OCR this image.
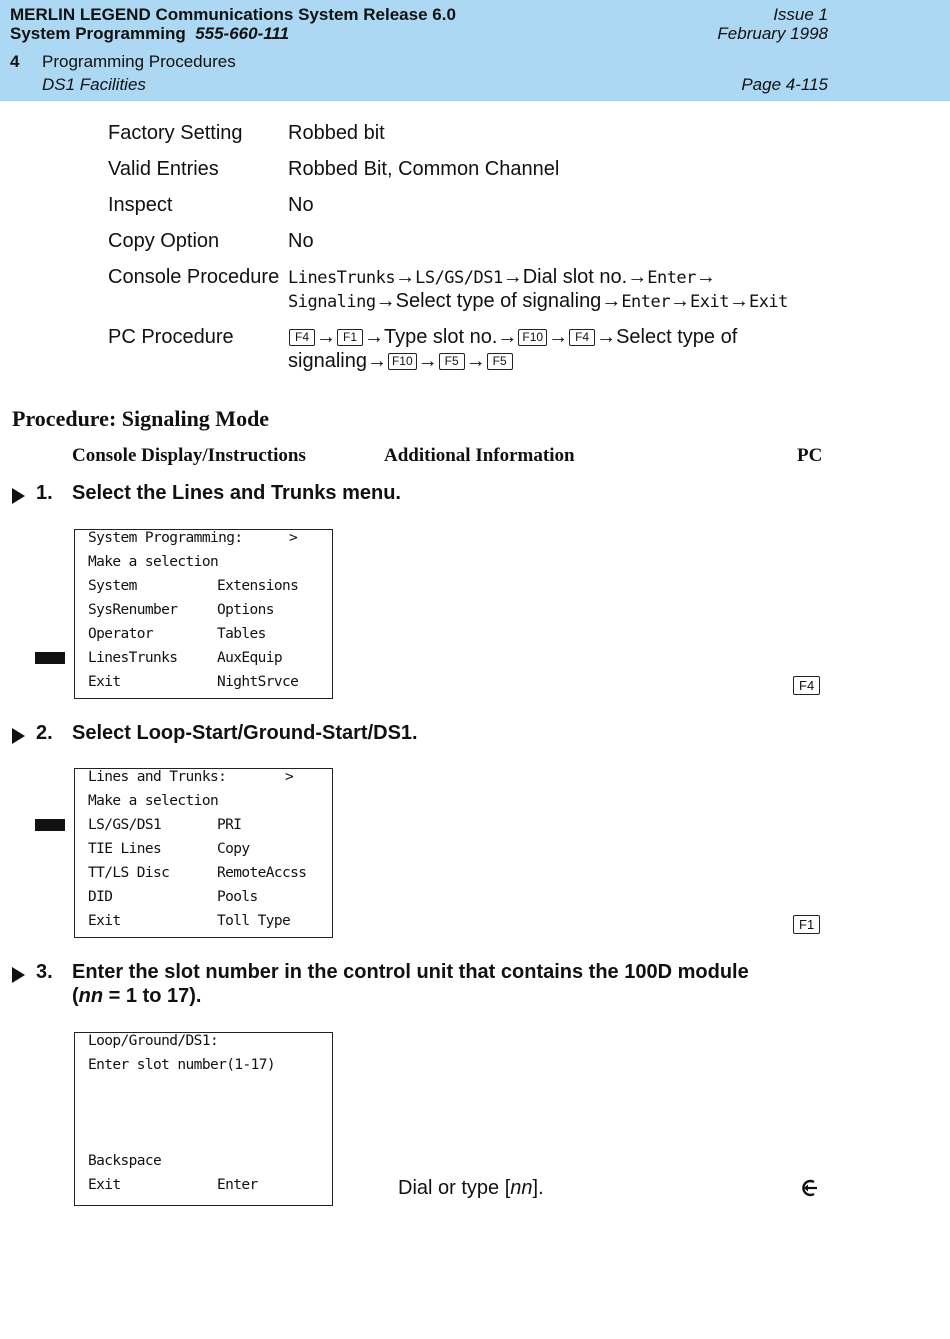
MERLIN LEGEND Communications System Release 6.0
System Programming 555-660-111
Issue 1
February 1998
4 Programming Procedures
DS1 Facilities	Page 4-115
Factory Setting Robbed bit
Valid Entries	Robbed Bit, Common Channel
Inspect	No
Copy Option	No
Console Procedure LinesTrunks→LS/GS/DS1→Dial slot no.→Enter→
Signaling→Select type of signaling→Enter→Exit→Exit
PC Procedure	F4 → F1 →Type slot no.→ F10 → F4 →Select type of
signaling→ F10 → F5 → F5
Procedure: Signaling Mode
Console Display/Instructions	Additional Information	PC
1. Select the Lines and Trunks menu.
System Programming:	>
Make a selection
System	Extensions
SysRenumber	Options
Operator	Tables
LinesTrunks	AuxEquip
Exit	NightSrvce	F4
2. Select Loop-Start/Ground-Start/DS1.
Lines and Trunks:	>
Make a selection
LS/GS/DS1	PRI
TIE Lines	Copy
TT/LS Disc	RemoteAccss
DID	Pools
Exit	Toll Type	F1
3. Enter the slot number in the control unit that contains the 100D module
(nn = 1 to 17).
Loop/Ground/DS1:
Enter slot number(1-17)
Backspace
Exit	Enter	Dial or type [nn].
